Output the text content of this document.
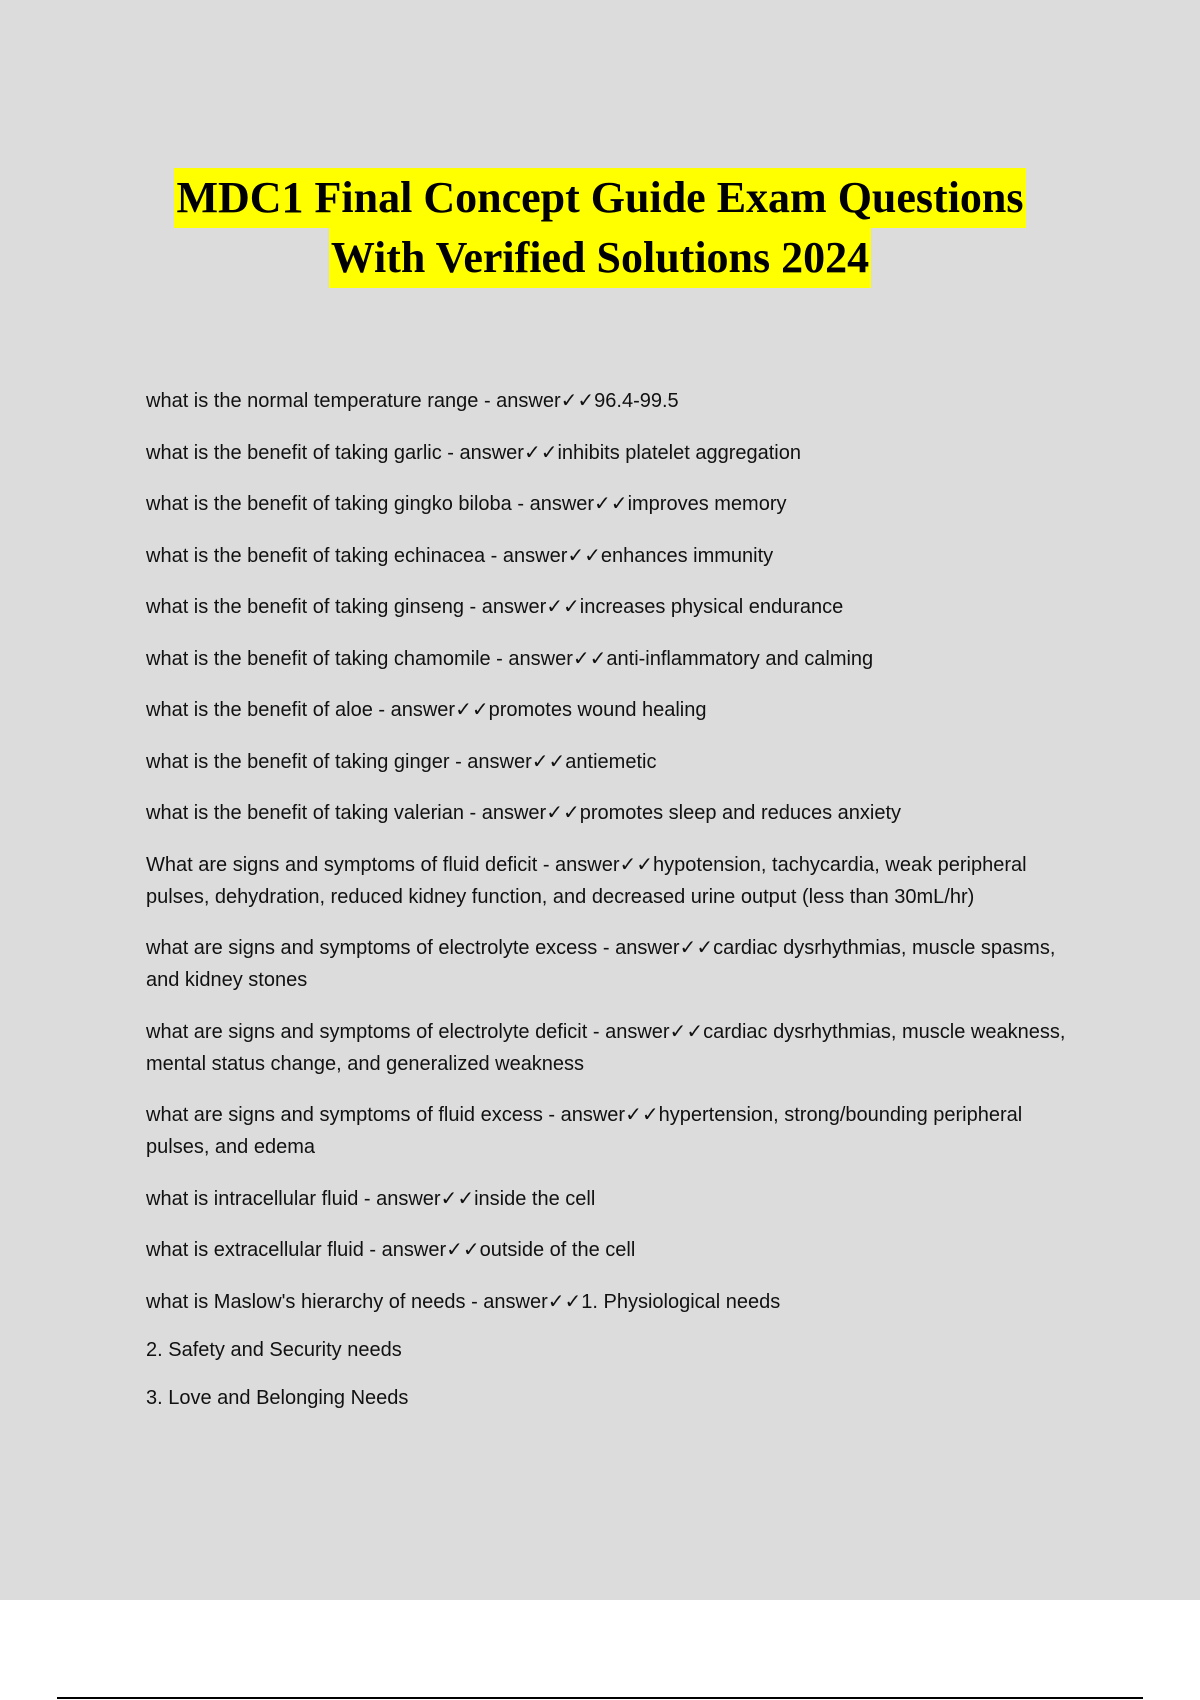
MDC1 Final Concept Guide Exam Questions
With Verified Solutions 2024
what is the normal temperature range - answer✓✓96.4-99.5
what is the benefit of taking garlic - answer✓✓inhibits platelet aggregation
what is the benefit of taking gingko biloba - answer✓✓improves memory
what is the benefit of taking echinacea - answer✓✓enhances immunity
what is the benefit of taking ginseng - answer✓✓increases physical endurance
what is the benefit of taking chamomile - answer✓✓anti-inflammatory and calming
what is the benefit of aloe - answer✓✓promotes wound healing
what is the benefit of taking ginger - answer✓✓antiemetic
what is the benefit of taking valerian - answer✓✓promotes sleep and reduces anxiety
What are signs and symptoms of fluid deficit - answer✓✓hypotension, tachycardia, weak peripheral pulses, dehydration, reduced kidney function, and decreased urine output (less than 30mL/hr)
what are signs and symptoms of electrolyte excess - answer✓✓cardiac dysrhythmias, muscle spasms, and kidney stones
what are signs and symptoms of electrolyte deficit - answer✓✓cardiac dysrhythmias, muscle weakness, mental status change, and generalized weakness
what are signs and symptoms of fluid excess - answer✓✓hypertension, strong/bounding peripheral pulses, and edema
what is intracellular fluid - answer✓✓inside the cell
what is extracellular fluid - answer✓✓outside of the cell
what is Maslow's hierarchy of needs - answer✓✓1. Physiological needs
2. Safety and Security needs
3. Love and Belonging Needs
